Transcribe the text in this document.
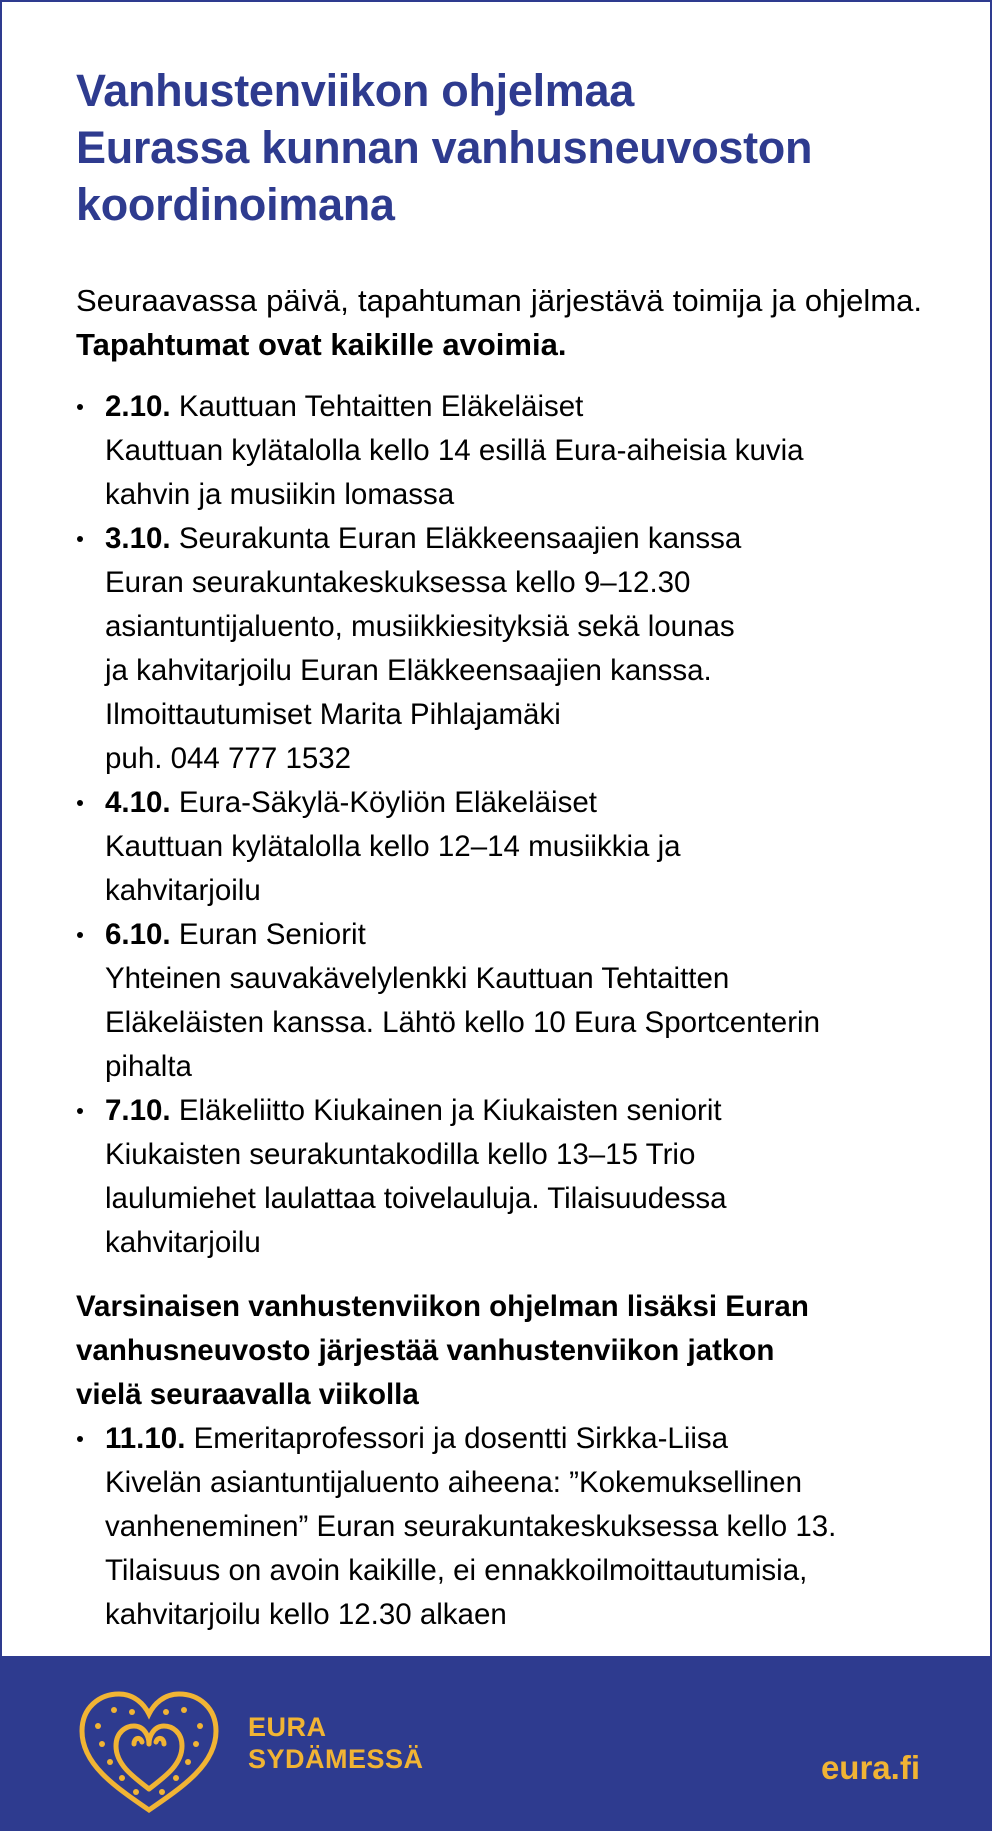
Vanhustenviikon ohjelmaa
Eurassa kunnan vanhusneuvoston
koordinoimana

Seuraavassa päivä, tapahtuman järjestävä toimija ja ohjelma. Tapahtumat ovat kaikille avoimia.

2.10. Kauttuan Tehtaitten Eläkeläiset
Kauttuan kylätalolla kello 14 esillä Eura-aiheisia kuvia
kahvin ja musiikin lomassa
3.10. Seurakunta Euran Eläkkeensaajien kanssa
Euran seurakuntakeskuksessa kello 9–12.30
asiantuntijaluento, musiikkiesityksiä sekä lounas
ja kahvitarjoilu Euran Eläkkeensaajien kanssa.
Ilmoittautumiset Marita Pihlajamäki
puh. 044 777 1532
4.10. Eura-Säkylä-Köyliön Eläkeläiset
Kauttuan kylätalolla kello 12–14 musiikkia ja
kahvitarjoilu
6.10. Euran Seniorit
Yhteinen sauvakävelylenkki Kauttuan Tehtaitten
Eläkeläisten kanssa. Lähtö kello 10 Eura Sportcenterin
pihalta
7.10. Eläkeliitto Kiukainen ja Kiukaisten seniorit
Kiukaisten seurakuntakodilla kello 13–15 Trio
laulumiehet laulattaa toivelauluja. Tilaisuudessa
kahvitarjoilu

Varsinaisen vanhustenviikon ohjelman lisäksi Euran
vanhusneuvosto järjestää vanhustenviikon jatkon
vielä seuraavalla viikolla

11.10. Emeritaprofessori ja dosentti Sirkka-Liisa
Kivelän asiantuntijaluento aiheena: ”Kokemuksellinen
vanheneminen” Euran seurakuntakeskuksessa kello 13.
Tilaisuus on avoin kaikille, ei ennakkoilmoittautumisia,
kahvitarjoilu kello 12.30 alkaen
EURA
SYDÄMESSÄ	eura.fi
